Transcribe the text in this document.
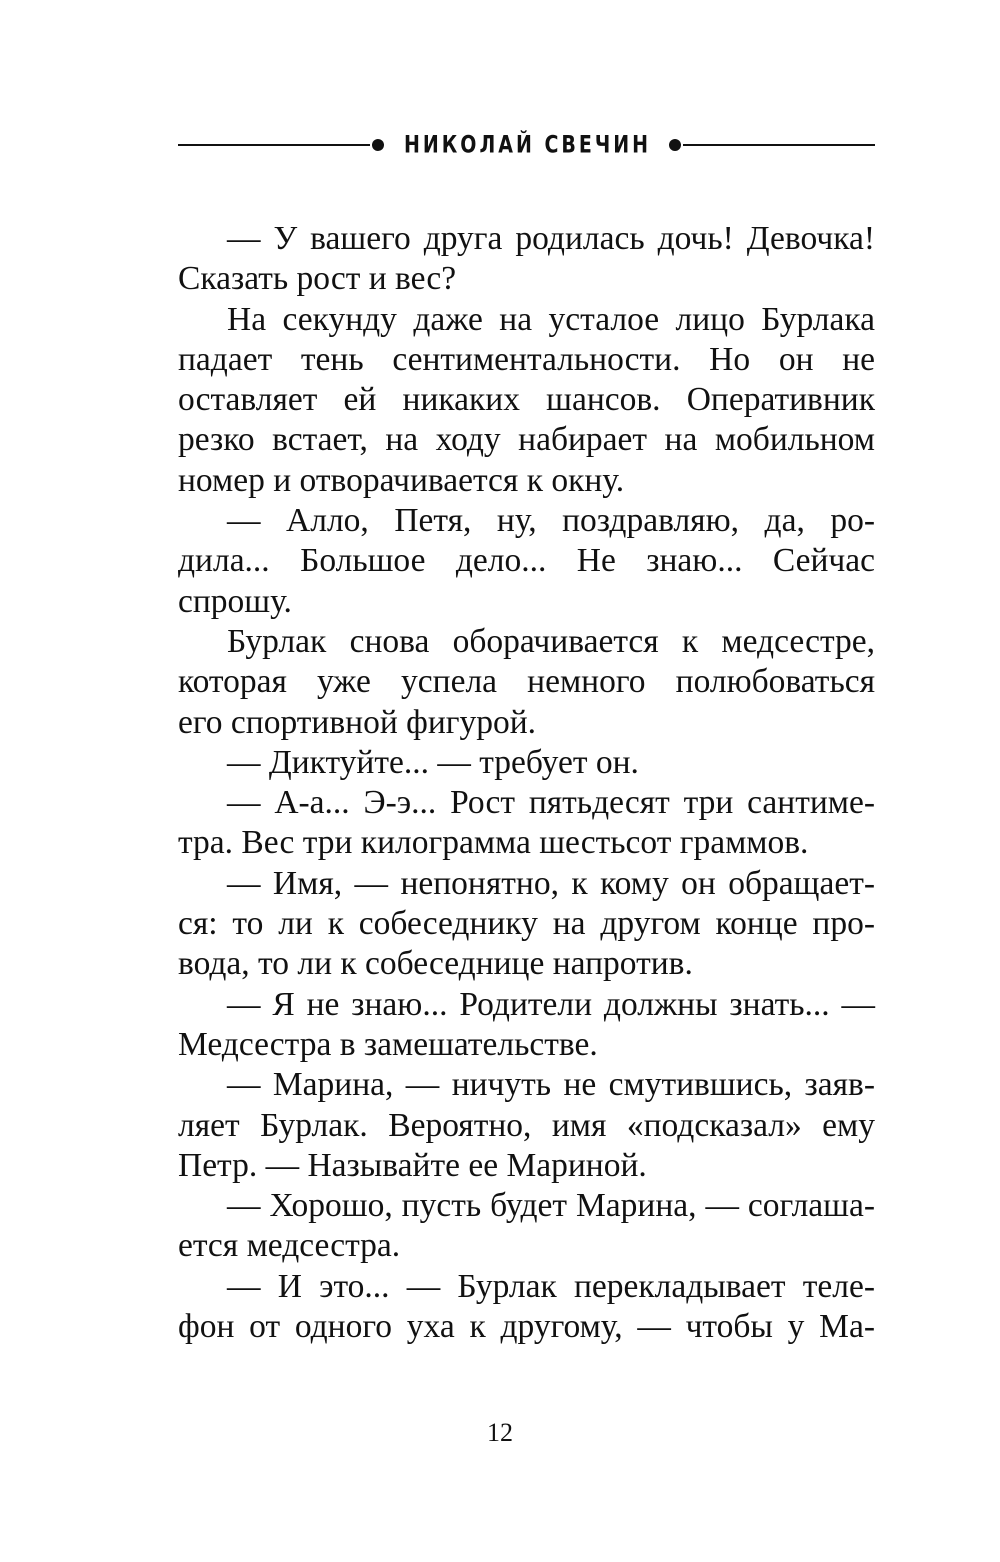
НИКОЛАЙ СВЕЧИН
— У вашего друга родилась дочь! Девочка!
Сказать рост и вес?
На секунду даже на усталое лицо Бурлака
падает тень сентиментальности. Но он не
оставляет ей никаких шансов. Оперативник
резко встает, на ходу набирает на мобильном
номер и отворачивается к окну.
— Алло, Петя, ну, поздравляю, да, ро-
дила... Большое дело... Не знаю... Сейчас
спрошу.
Бурлак снова оборачивается к медсестре,
которая уже успела немного полюбоваться
его спортивной фигурой.
— Диктуйте... — требует он.
— А-а... Э-э... Рост пятьдесят три сантиме-
тра. Вес три килограмма шестьсот граммов.
— Имя, — непонятно, к кому он обращает-
ся: то ли к собеседнику на другом конце про-
вода, то ли к собеседнице напротив.
— Я не знаю... Родители должны знать... —
Медсестра в замешательстве.
— Марина, — ничуть не смутившись, заяв-
ляет Бурлак. Вероятно, имя «подсказал» ему
Петр. — Называйте ее Мариной.
— Хорошо, пусть будет Марина, — соглаша-
ется медсестра.
— И это... — Бурлак перекладывает теле-
фон от одного уха к другому, — чтобы у Ма-
12
